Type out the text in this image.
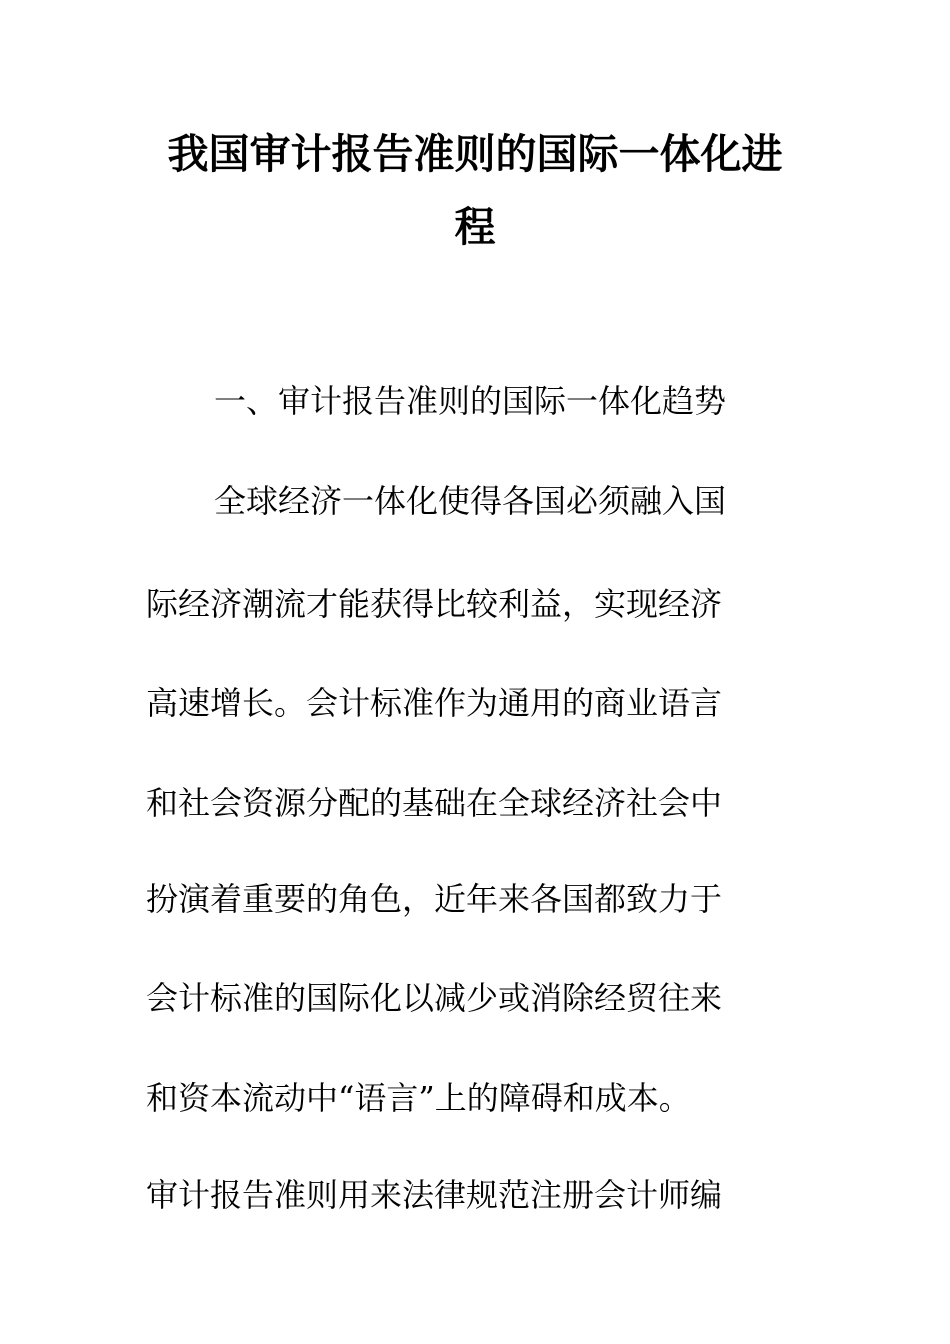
我国审计报告准则的国际一体化进
程

一、审计报告准则的国际一体化趋势

全球经济一体化使得各国必须融入国

际经济潮流才能获得比较利益，实现经济

高速增长。会计标准作为通用的商业语言

和社会资源分配的基础在全球经济社会中

扮演着重要的角色，近年来各国都致力于

会计标准的国际化以减少或消除经贸往来

和资本流动中“语言”上的障碍和成本。

审计报告准则用来法律规范注册会计师编
